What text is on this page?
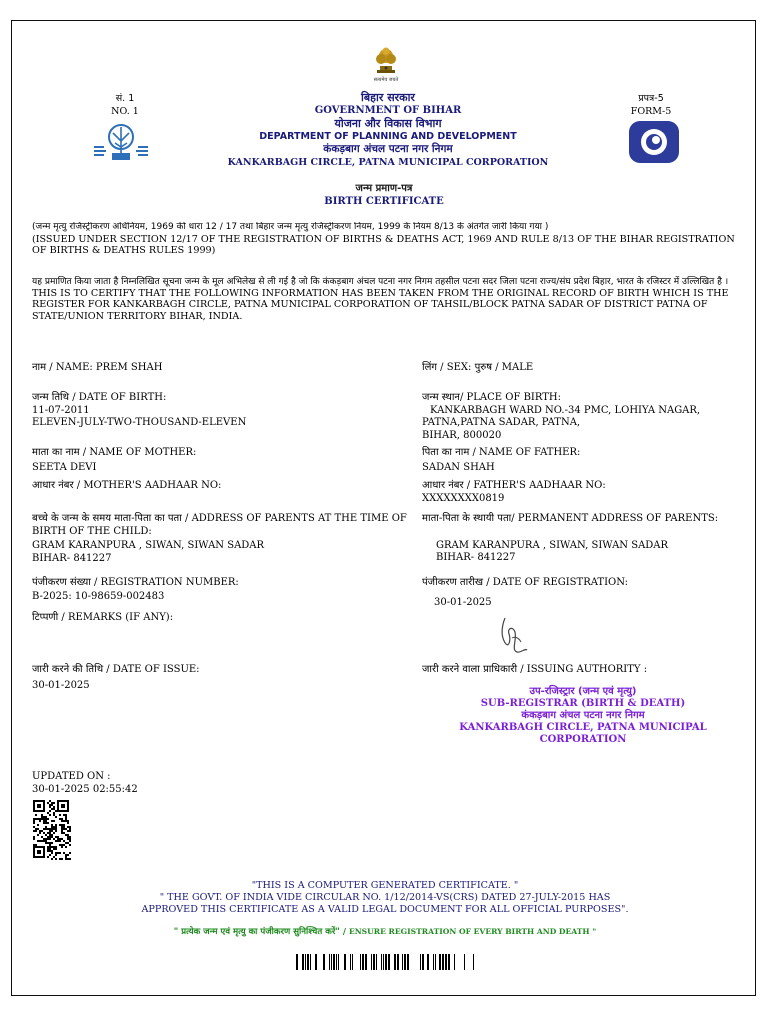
सत्यमेव जयते
सं. 1
NO. 1
प्रपत्र-5
FORM-5
बिहार सरकार
GOVERNMENT OF BIHAR
योजना और विकास विभाग
DEPARTMENT OF PLANNING AND DEVELOPMENT
कंकड़बाग अंचल पटना नगर निगम
KANKARBAGH CIRCLE, PATNA MUNICIPAL CORPORATION
जन्म प्रमाण-पत्र
BIRTH CERTIFICATE
(जन्म मृत्यु रजिस्ट्रीकरण अधिनियम, 1969 की धारा 12 / 17 तथा बिहार जन्म मृत्यु रजिस्ट्रीकरण नियम, 1999 के नियम 8/13 के अंतर्गत जारी किया गया )
(ISSUED UNDER SECTION 12/17 OF THE REGISTRATION OF BIRTHS & DEATHS ACT, 1969 AND RULE 8/13 OF THE BIHAR REGISTRATION OF BIRTHS & DEATHS RULES 1999)
यह प्रमाणित किया जाता है निम्नलिखित सूचना जन्म के मूल अभिलेख से ली गई है जो कि कंकड़बाग अंचल पटना नगर निगम तहसील पटना सदर जिला पटना राज्य/संघ प्रदेश बिहार, भारत के रजिस्टर में उल्लिखित है ।
THIS IS TO CERTIFY THAT THE FOLLOWING INFORMATION HAS BEEN TAKEN FROM THE ORIGINAL RECORD OF BIRTH WHICH IS THE REGISTER FOR KANKARBAGH CIRCLE, PATNA MUNICIPAL CORPORATION OF TAHSIL/BLOCK PATNA SADAR OF DISTRICT PATNA OF STATE/UNION TERRITORY BIHAR, INDIA.
नाम / NAME: PREM SHAH
जन्म तिथि / DATE OF BIRTH:
11-07-2011
ELEVEN-JULY-TWO-THOUSAND-ELEVEN
माता का नाम / NAME OF MOTHER:
SEETA DEVI
आधार नंबर / MOTHER'S AADHAAR NO:
बच्चे के जन्म के समय माता-पिता का पता / ADDRESS OF PARENTS AT THE TIME OF BIRTH OF THE CHILD:
GRAM KARANPURA , SIWAN, SIWAN SADAR
BIHAR- 841227
पंजीकरण संख्या / REGISTRATION NUMBER:
B-2025: 10-98659-002483
टिप्पणी / REMARKS (IF ANY):
जारी करने की तिथि / DATE OF ISSUE:
30-01-2025
लिंग / SEX: पुरुष / MALE
जन्म स्थान/ PLACE OF BIRTH:
KANKARBAGH WARD NO.-34 PMC, LOHIYA NAGAR,
PATNA,PATNA SADAR, PATNA,
BIHAR, 800020
पिता का नाम / NAME OF FATHER:
SADAN SHAH
आधार नंबर / FATHER'S AADHAAR NO:
XXXXXXXX0819
माता-पिता के स्थायी पता/ PERMANENT ADDRESS OF PARENTS:
GRAM KARANPURA , SIWAN, SIWAN SADAR
BIHAR- 841227
पंजीकरण तारीख / DATE OF REGISTRATION:
30-01-2025
जारी करने वाला प्राधिकारी / ISSUING AUTHORITY :
उप-रजिस्ट्रार (जन्म एवं मृत्यु)
SUB-REGISTRAR (BIRTH & DEATH)
कंकड़बाग अंचल पटना नगर निगम
KANKARBAGH CIRCLE, PATNA MUNICIPAL
CORPORATION
UPDATED ON :
30-01-2025 02:55:42
"THIS IS A COMPUTER GENERATED CERTIFICATE. "
" THE GOVT. OF INDIA VIDE CIRCULAR NO. 1/12/2014-VS(CRS) DATED 27-JULY-2015 HAS
APPROVED THIS CERTIFICATE AS A VALID LEGAL DOCUMENT FOR ALL OFFICIAL PURPOSES".
" प्रत्येक जन्म एवं मृत्यु का पंजीकरण सुनिश्चित करें" / ENSURE REGISTRATION OF EVERY BIRTH AND DEATH "
